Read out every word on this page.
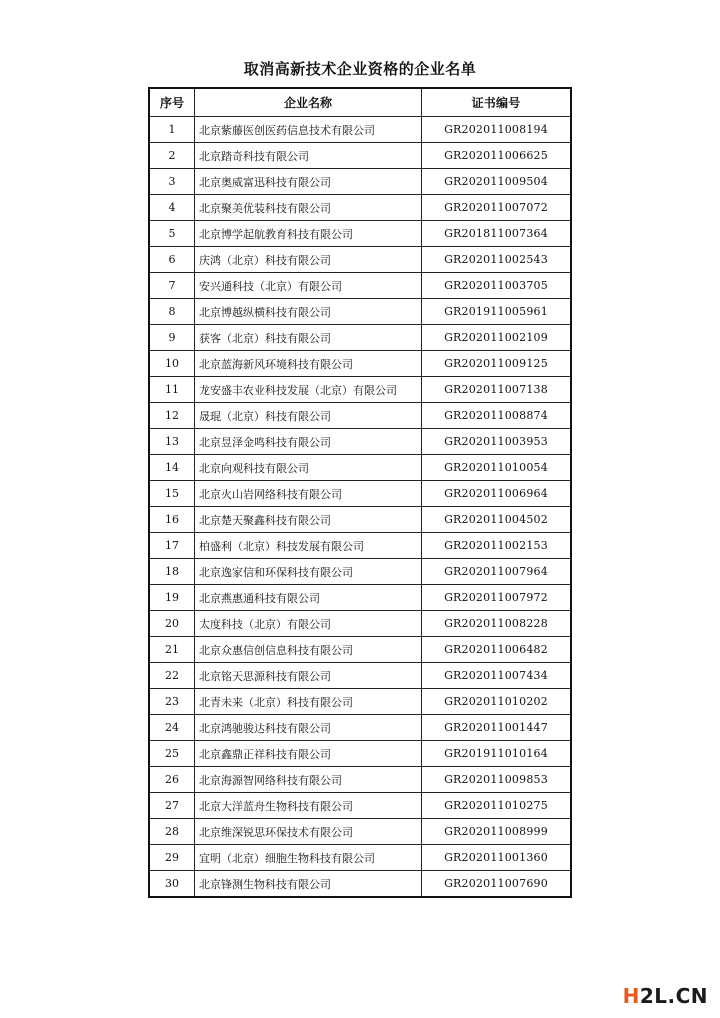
取消高新技术企业资格的企业名单
序号	企业名称	证书编号
1	北京紫藤医创医药信息技术有限公司	GR202011008194
2	北京踏奇科技有限公司	GR202011006625
3	北京奥威富迅科技有限公司	GR202011009504
4	北京聚美优装科技有限公司	GR202011007072
5	北京博学起航教育科技有限公司	GR201811007364
6	庆鸿（北京）科技有限公司	GR202011002543
7	安兴通科技（北京）有限公司	GR202011003705
8	北京博越纵横科技有限公司	GR201911005961
9	获客（北京）科技有限公司	GR202011002109
10	北京蓝海新风环境科技有限公司	GR202011009125
11	龙安盛丰农业科技发展（北京）有限公司	GR202011007138
12	晟琨（北京）科技有限公司	GR202011008874
13	北京昱泽金鸣科技有限公司	GR202011003953
14	北京向观科技有限公司	GR202011010054
15	北京火山岩网络科技有限公司	GR202011006964
16	北京楚天聚鑫科技有限公司	GR202011004502
17	柏盛利（北京）科技发展有限公司	GR202011002153
18	北京逸家信和环保科技有限公司	GR202011007964
19	北京燕惠通科技有限公司	GR202011007972
20	太度科技（北京）有限公司	GR202011008228
21	北京众惠信创信息科技有限公司	GR202011006482
22	北京铭天思源科技有限公司	GR202011007434
23	北青未来（北京）科技有限公司	GR202011010202
24	北京鸿驰骏达科技有限公司	GR202011001447
25	北京鑫鼎正祥科技有限公司	GR201911010164
26	北京海源智网络科技有限公司	GR202011009853
27	北京大洋蓝舟生物科技有限公司	GR202011010275
28	北京维深锐思环保技术有限公司	GR202011008999
29	宜明（北京）细胞生物科技有限公司	GR202011001360
30	北京锋测生物科技有限公司	GR202011007690
H2L.CN
